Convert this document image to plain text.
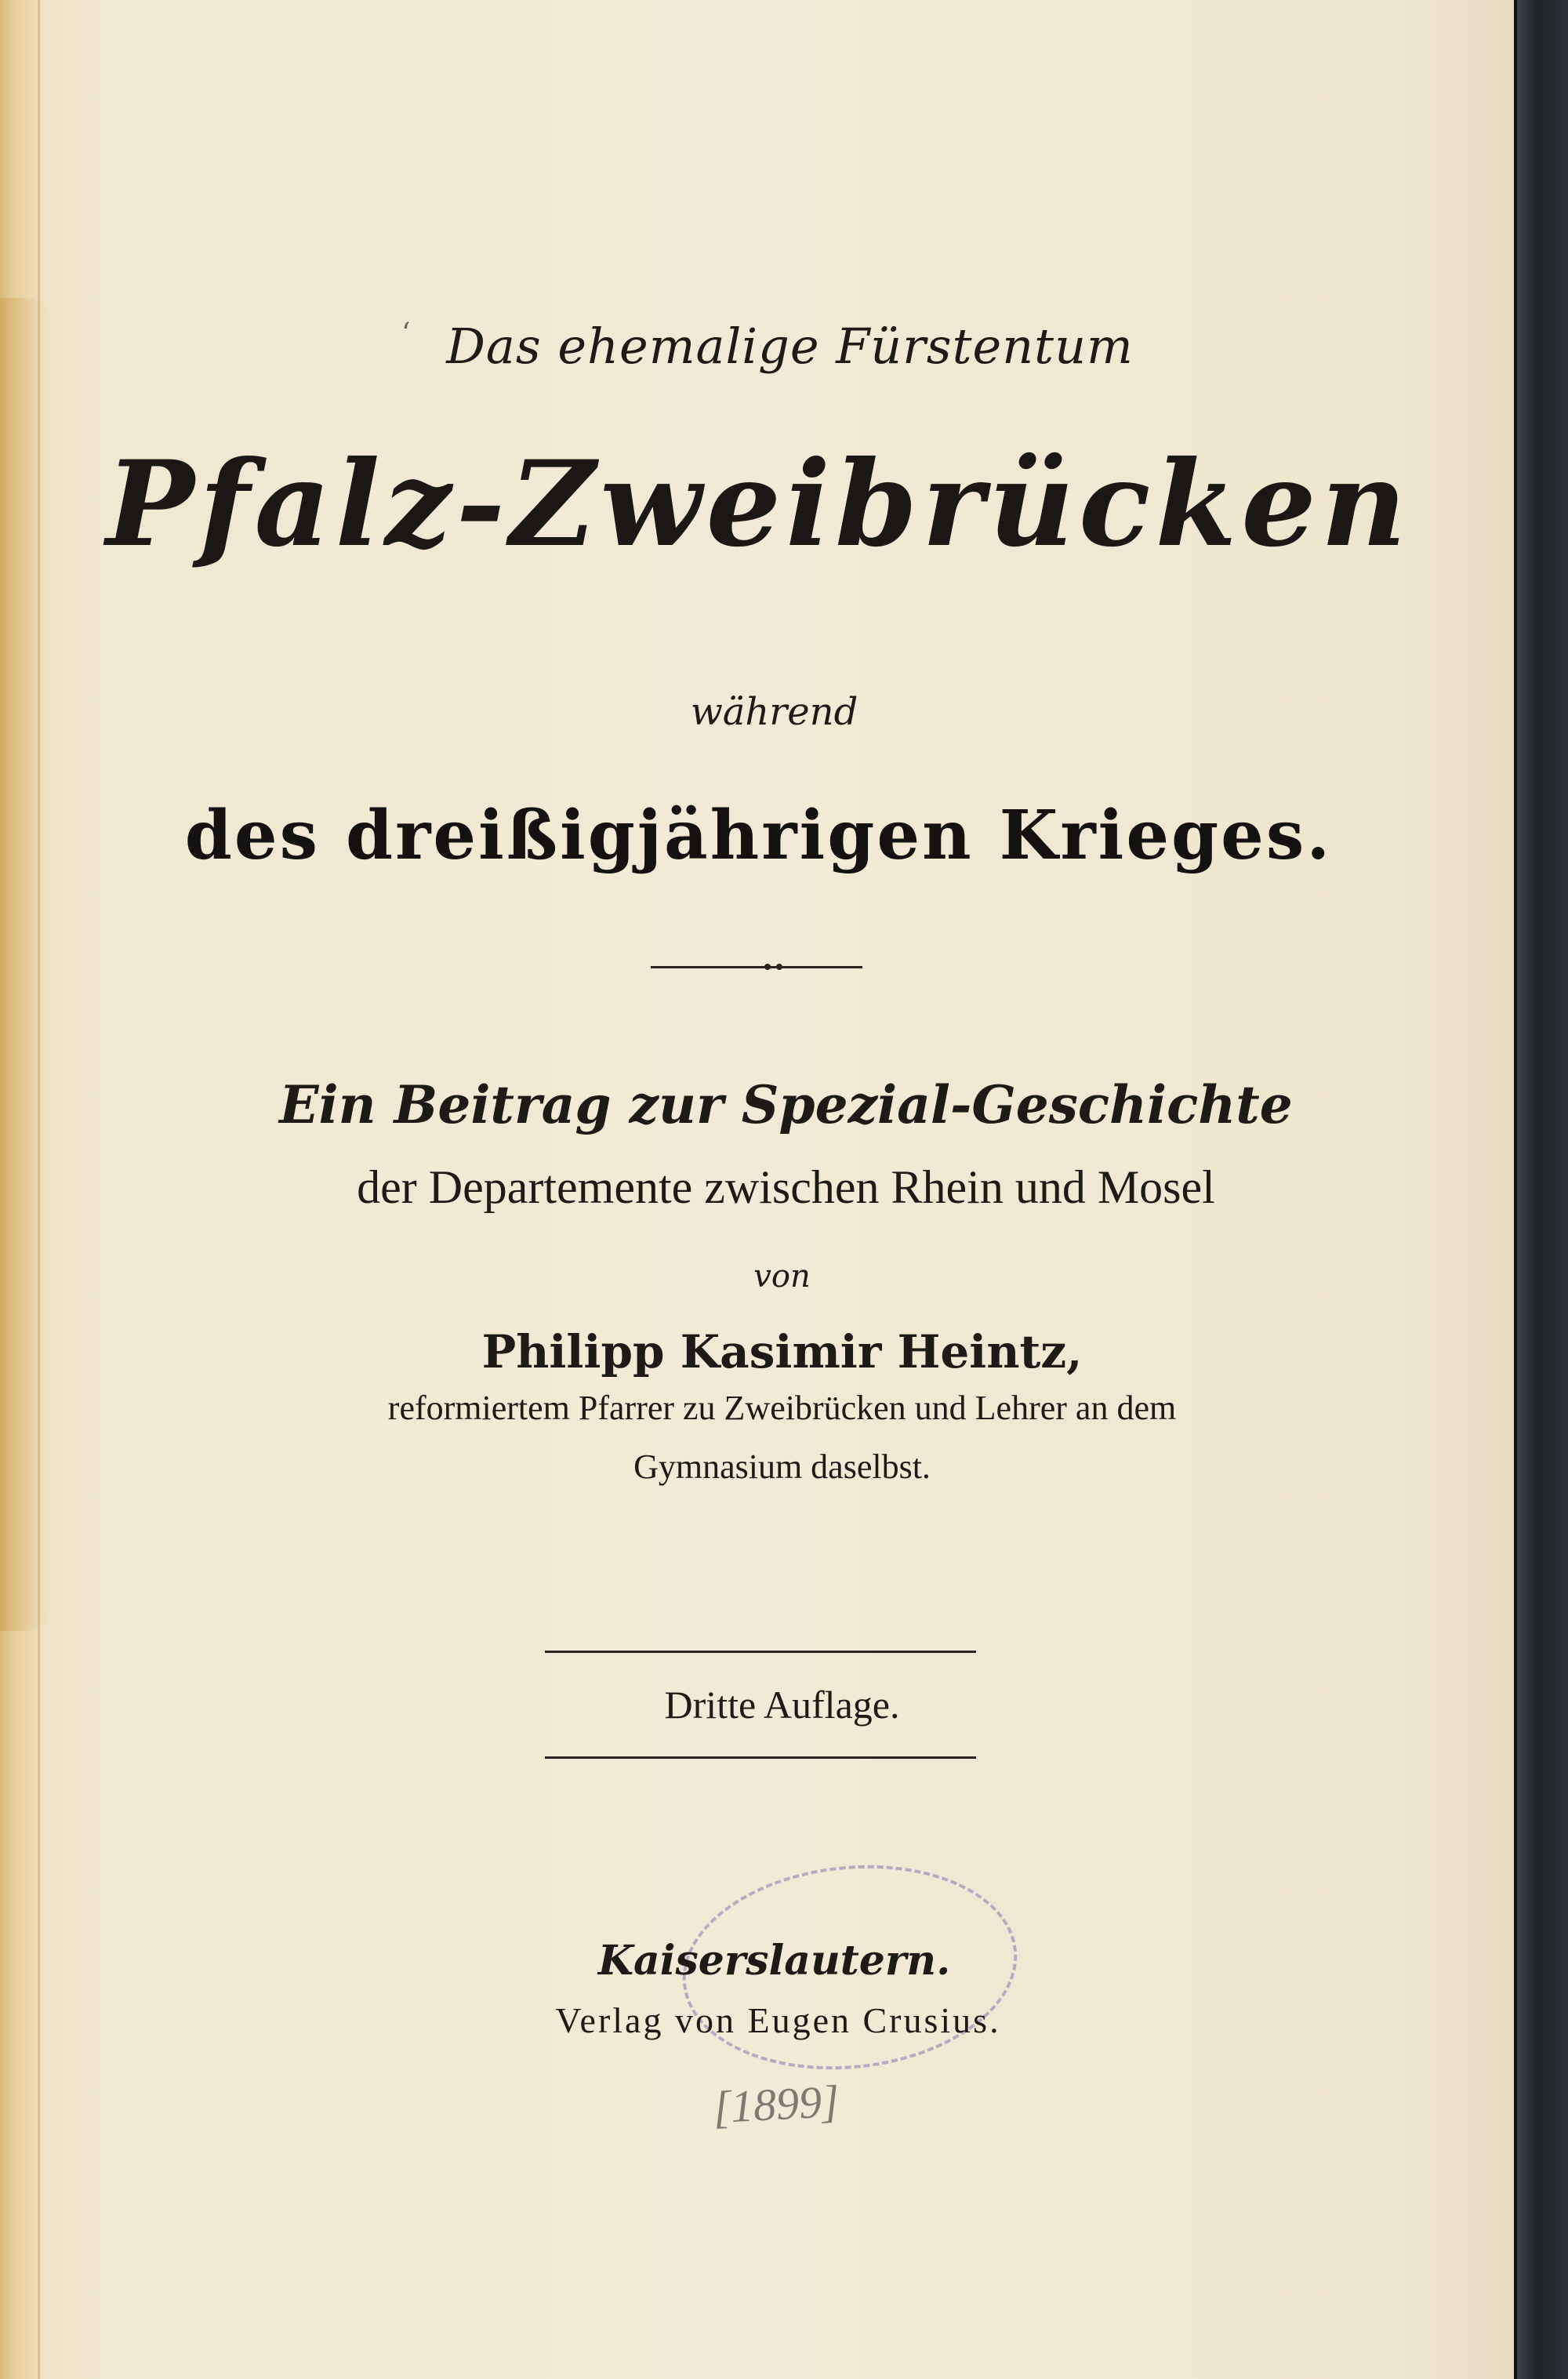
‘ Das ehemalige Fürstentum
Pfalz-Zweibrücken
während
des dreißigjährigen Krieges.
Ein Beitrag zur Spezial-Geschichte
der Departemente zwischen Rhein und Mosel
von
Philipp Kasimir Heintz,
reformiertem Pfarrer zu Zweibrücken und Lehrer an dem
Gymnasium daselbst.
Dritte Auflage.
Kaiserslautern.
Verlag von Eugen Crusius.
[1899]
